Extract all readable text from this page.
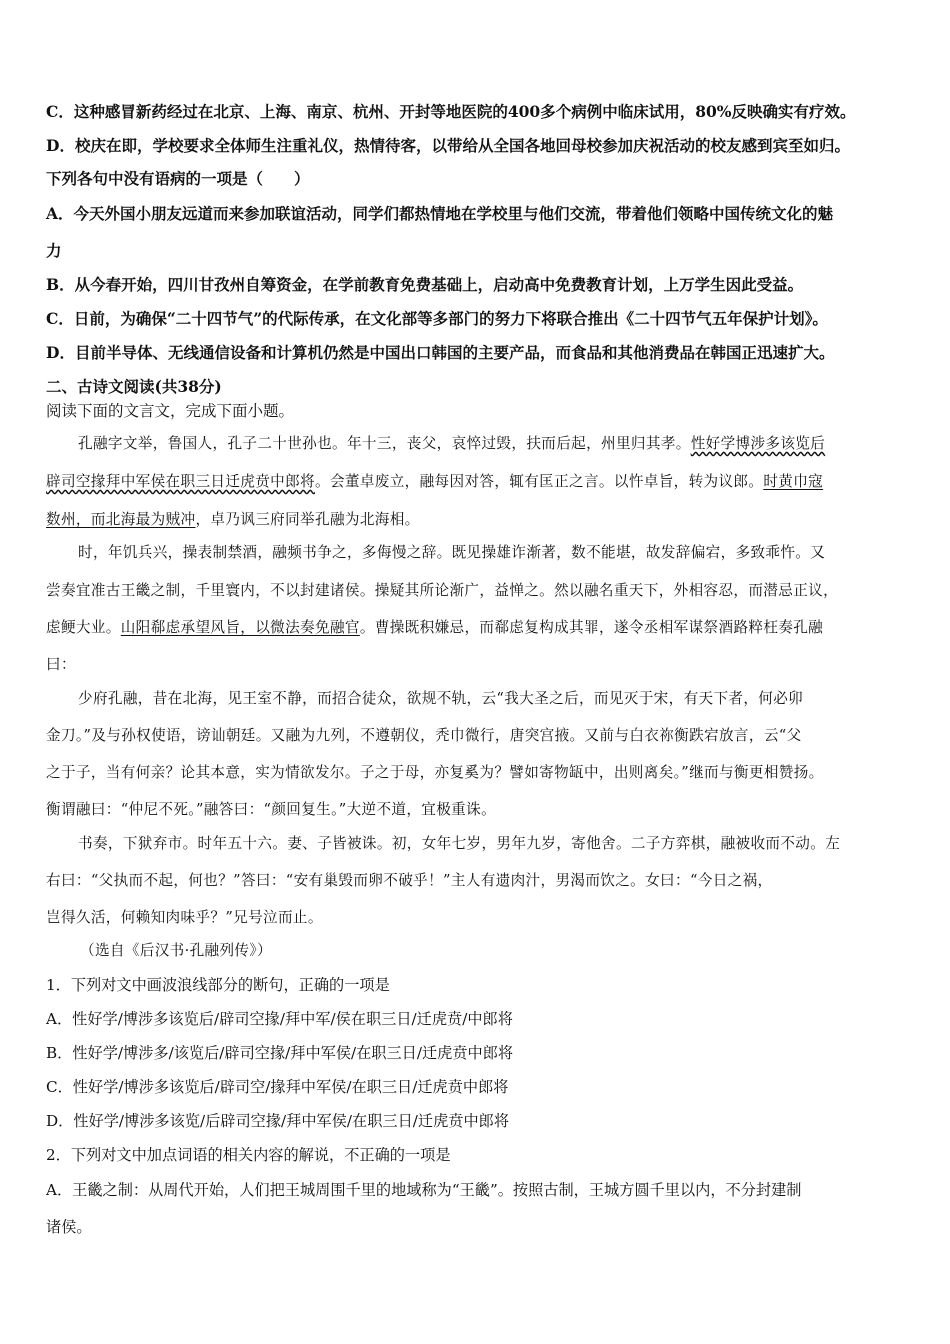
C．这种感冒新药经过在北京、上海、南京、杭州、开封等地医院的400多个病例中临床试用，80%反映确实有疗效。
D．校庆在即，学校要求全体师生注重礼仪，热情待客，以带给从全国各地回母校参加庆祝活动的校友感到宾至如归。
下列各句中没有语病的一项是（　　）
A．今天外国小朋友远道而来参加联谊活动，同学们都热情地在学校里与他们交流，带着他们领略中国传统文化的魅
力
B．从今春开始，四川甘孜州自筹资金，在学前教育免费基础上，启动高中免费教育计划，上万学生因此受益。
C．日前，为确保“二十四节气”的代际传承，在文化部等多部门的努力下将联合推出《二十四节气五年保护计划》。
D．目前半导体、无线通信设备和计算机仍然是中国出口韩国的主要产品，而食品和其他消费品在韩国正迅速扩大。
二、古诗文阅读(共38分)
阅读下面的文言文，完成下面小题。
孔融字文举，鲁国人，孔子二十世孙也。年十三，丧父，哀悴过毁，扶而后起，州里归其孝。性好学博涉多该览后
辟司空掾拜中军侯在职三日迁虎贲中郎将。会董卓废立，融每因对答，辄有匡正之言。以忤卓旨，转为议郎。时黄巾寇
数州，而北海最为贼冲，卓乃讽三府同举孔融为北海相。
时，年饥兵兴，操表制禁酒，融频书争之，多侮慢之辞。既见操雄诈渐著，数不能堪，故发辞偏宕，多致乖忤。又
尝奏宜准古王畿之制，千里寰内，不以封建诸侯。操疑其所论渐广，益惮之。然以融名重天下，外相容忍，而潜忌正议，
虑鲠大业。山阳郗虑承望风旨，以微法奏免融官。曹操既积嫌忌，而郗虑复构成其罪，遂令丞相军谋祭酒路粹枉奏孔融
曰：
少府孔融，昔在北海，见王室不静，而招合徒众，欲规不轨，云“我大圣之后，而见灭于宋，有天下者，何必卯
金刀。”及与孙权使语，谤讪朝廷。又融为九列，不遵朝仪，秃巾微行，唐突宫掖。又前与白衣祢衡跌宕放言，云“父
之于子，当有何亲？论其本意，实为情欲发尔。子之于母，亦复奚为？譬如寄物缻中，出则离矣。”继而与衡更相赞扬。
衡谓融曰：“仲尼不死。”融答曰：“颜回复生。”大逆不道，宜极重诛。
书奏，下狱弃市。时年五十六。妻、子皆被诛。初，女年七岁，男年九岁，寄他舍。二子方弈棋，融被收而不动。左
右曰：“父执而不起，何也？”答曰：“安有巢毁而卵不破乎！”主人有遗肉汁，男渴而饮之。女曰：“今日之祸，
岂得久活，何赖知肉味乎？”兄号泣而止。
（选自《后汉书·孔融列传》）
1．下列对文中画波浪线部分的断句，正确的一项是
A．性好学/博涉多该览后/辟司空掾/拜中军/侯在职三日/迁虎贲/中郎将
B．性好学/博涉多/该览后/辟司空掾/拜中军侯/在职三日/迁虎贲中郎将
C．性好学/博涉多该览后/辟司空/掾拜中军侯/在职三日/迁虎贲中郎将
D．性好学/博涉多该览/后辟司空掾/拜中军侯/在职三日/迁虎贲中郎将
2．下列对文中加点词语的相关内容的解说，不正确的一项是
A．王畿之制：从周代开始，人们把王城周围千里的地域称为“王畿”。按照古制，王城方圆千里以内，不分封建制
诸侯。
